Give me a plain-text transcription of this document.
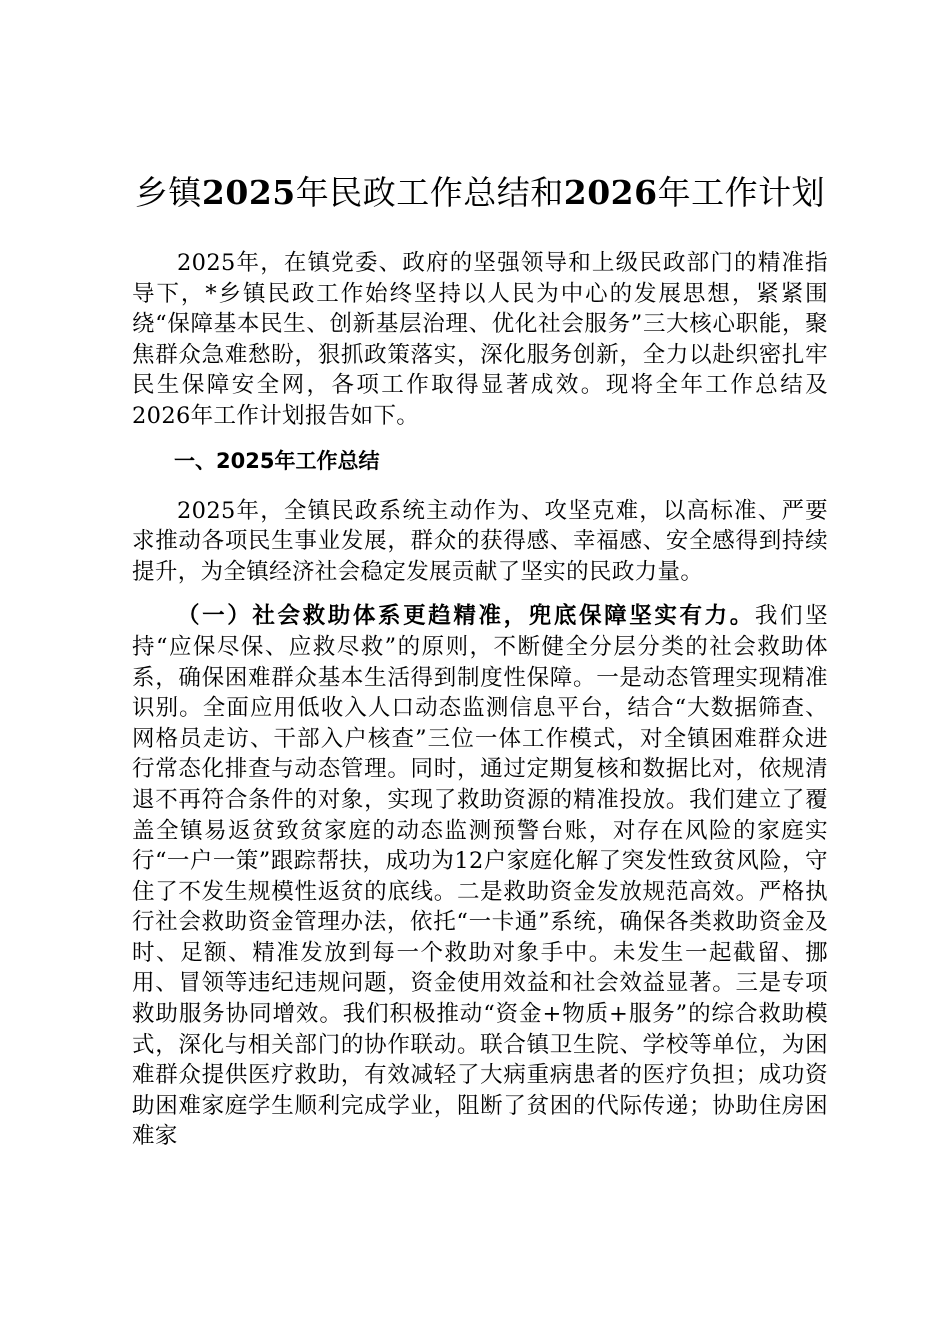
乡镇2025年民政工作总结和2026年工作计划

2025年，在镇党委、政府的坚强领导和上级民政部门的精准指导下，*乡镇民政工作始终坚持以人民为中心的发展思想，紧紧围绕“保障基本民生、创新基层治理、优化社会服务”三大核心职能，聚焦群众急难愁盼，狠抓政策落实，深化服务创新，全力以赴织密扎牢民生保障安全网，各项工作取得显著成效。现将全年工作总结及2026年工作计划报告如下。

一、2025年工作总结

2025年，全镇民政系统主动作为、攻坚克难，以高标准、严要求推动各项民生事业发展，群众的获得感、幸福感、安全感得到持续提升，为全镇经济社会稳定发展贡献了坚实的民政力量。

（一）社会救助体系更趋精准，兜底保障坚实有力。我们坚持“应保尽保、应救尽救”的原则，不断健全分层分类的社会救助体系，确保困难群众基本生活得到制度性保障。一是动态管理实现精准识别。全面应用低收入人口动态监测信息平台，结合“大数据筛查、网格员走访、干部入户核查”三位一体工作模式，对全镇困难群众进行常态化排查与动态管理。同时，通过定期复核和数据比对，依规清退不再符合条件的对象，实现了救助资源的精准投放。我们建立了覆盖全镇易返贫致贫家庭的动态监测预警台账，对存在风险的家庭实行“一户一策”跟踪帮扶，成功为12户家庭化解了突发性致贫风险，守住了不发生规模性返贫的底线。二是救助资金发放规范高效。严格执行社会救助资金管理办法，依托“一卡通”系统，确保各类救助资金及时、足额、精准发放到每一个救助对象手中。未发生一起截留、挪用、冒领等违纪违规问题，资金使用效益和社会效益显著。三是专项救助服务协同增效。我们积极推动“资金+物质+服务”的综合救助模式，深化与相关部门的协作联动。联合镇卫生院、学校等单位，为困难群众提供医疗救助，有效减轻了大病重病患者的医疗负担；成功资助困难家庭学生顺利完成学业，阻断了贫困的代际传递；协助住房困难家
